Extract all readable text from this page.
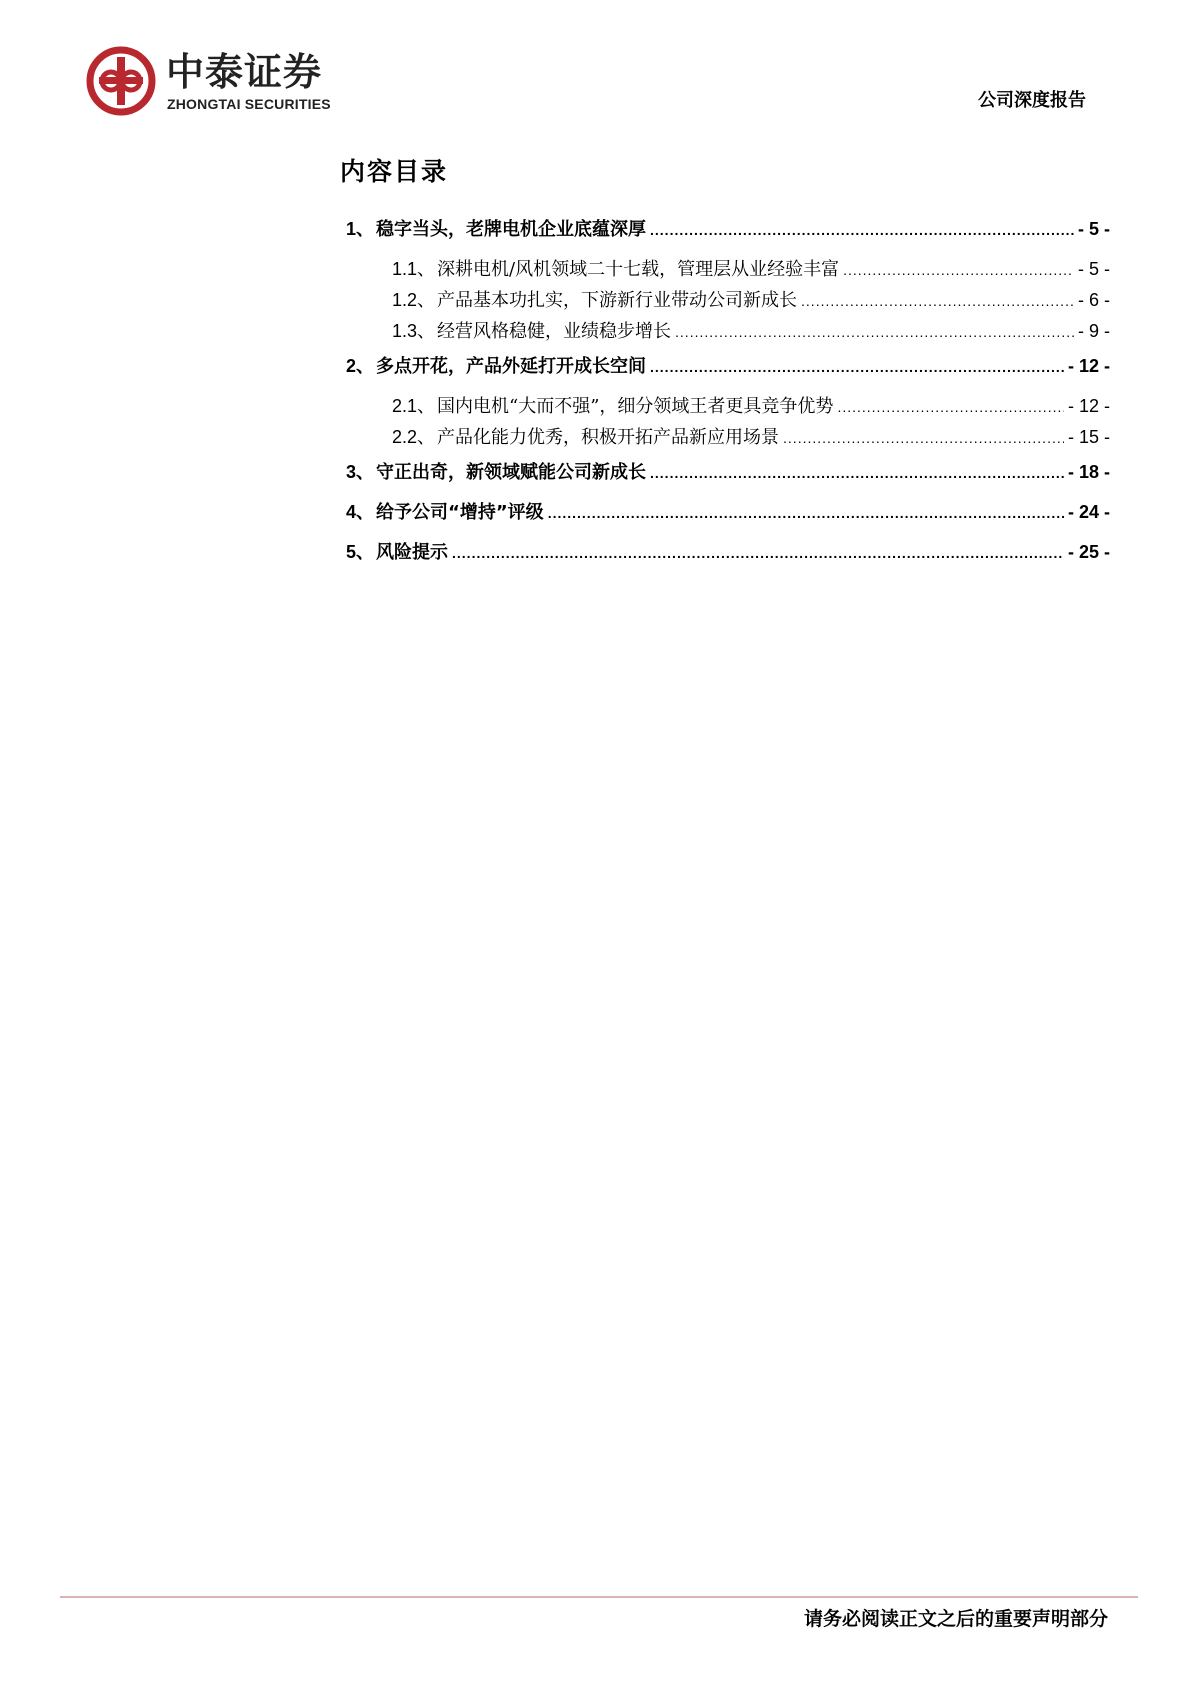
中泰证券
ZHONGTAI SECURITIES	公司深度报告
内容目录
1、 稳字当头，老牌电机企业底蕴深厚 .....	- 5 -
1.1、 深耕电机/风机领域二十七载，管理层从业经验丰富 .....	- 5 -
1.2、 产品基本功扎实，下游新行业带动公司新成长 .....	- 6 -
1.3、 经营风格稳健，业绩稳步增长 .....	- 9 -
2、 多点开花，产品外延打开成长空间 .....	- 12 -
2.1、 国内电机“大而不强”，细分领域王者更具竞争优势 .....	- 12 -
2.2、 产品化能力优秀，积极开拓产品新应用场景 .....	- 15 -
3、 守正出奇，新领域赋能公司新成长 .....	- 18 -
4、 给予公司“增持”评级 .....	- 24 -
5、 风险提示 .....	- 25 -
请务必阅读正文之后的重要声明部分
